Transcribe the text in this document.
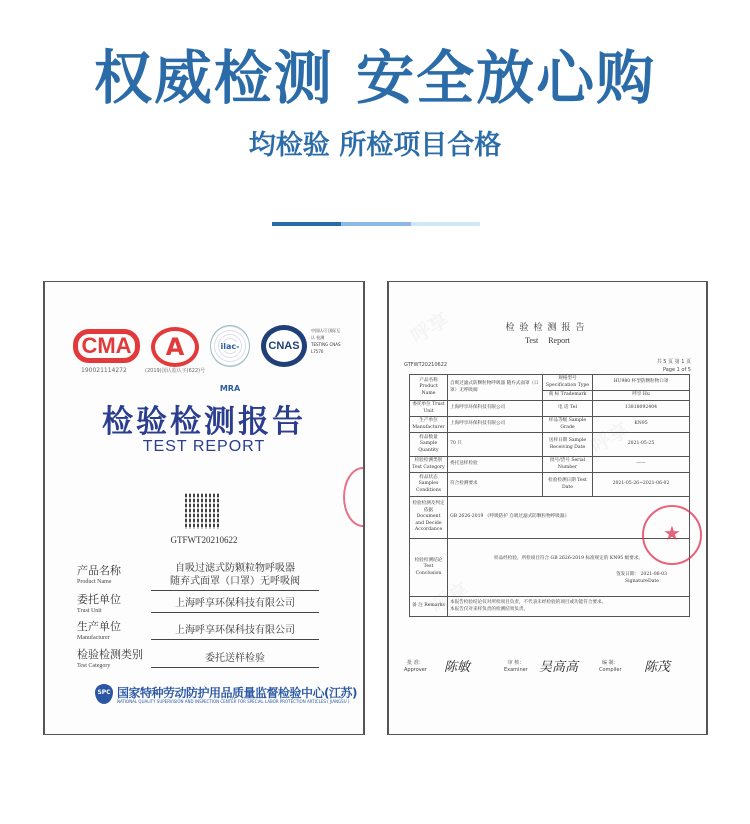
权威检测 安全放心购
均检验 所检项目合格
CMA
190021114272
A
(2019)国认监认字(622)号
ilac-MRA
CNAS
中国认可 国际互认 检测 TESTING CNAS L7570
检验检测报告
TEST REPORT
GTFWT20210622
产品名称
Product Name
自吸过滤式防颗粒物呼吸器
随弃式面罩（口罩）无呼吸阀
委托单位
Trust Unit
上海呼享环保科技有限公司
生产单位
Manufacturer
上海呼享环保科技有限公司
检验检测类别
Test Category
委托送样检验
SPC 国家特种劳动防护用品质量监督检验中心(江苏)
NATIONAL QUALITY SUPERVISION AND INSPECTION CENTER FOR SPECIAL LABOR PROTECTION ARTICLES ( JIANGSU )
检验检测报告
Test Report
GTFWT20210622	共 5 页 第 1 页
Page 1 of 5
产品名称 Product Name	自吸过滤式防颗粒物呼吸器 随弃式面罩（口罩）无呼吸阀	规格型号 Specification Type	HU980 杯型防颗粒物口罩
		商 标 Trademark	呼享 Hu
委托单位 Trust Unit	上海呼享环保科技有限公司	电 话 Tel	13818092404
生产单位 Manufacturer	上海呼享环保科技有限公司	样品等级 Sample Grade	KN95
样品数量 Sample Quantity	70 只	送样日期 Sample Receiving Date	2021-05-25
检验检测类别 Test Category	委托送样检验	批号/货号 Serial Number	——
样品状态 Samples Conditions	符合检测要求	检验检测日期 Test Date	2021-05-26~2021-06-02
检验检测及判定依据 Document and Decide Accordance	GB 2626-2019 《呼吸防护 自吸过滤式防颗粒物呼吸器》		
检验检测结论 Test Conclusion	样品经检验，所检项目符合 GB 2626-2019 标准规定的 KN95 级要求。
签发日期： 2021-06-03
SignatureDate		

备 注 Remarks	本报告检验结论仅对所检项目负责，不代表未经检验的项目或功能符合要求。
本报告仅对来样负责的检测结果负责。		
★
批 准：
Approver 陈敏	审 核：
Examiner 吴高高	编 制：
Compiler 陈茂
